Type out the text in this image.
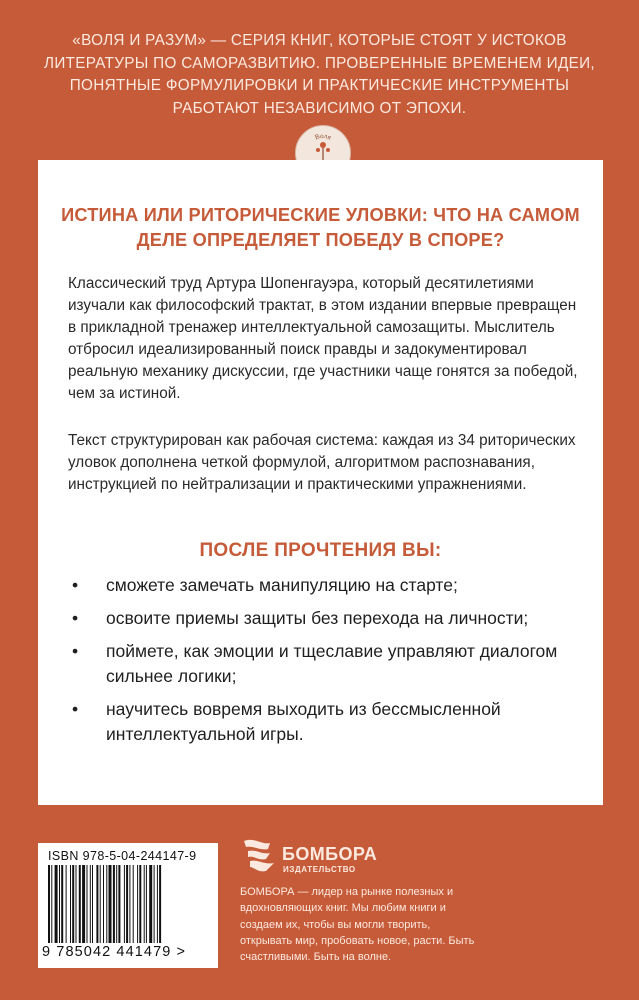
«ВОЛЯ И РАЗУМ» — СЕРИЯ КНИГ, КОТОРЫЕ СТОЯТ У ИСТОКОВ ЛИТЕРАТУРЫ ПО САМОРАЗВИТИЮ. ПРОВЕРЕННЫЕ ВРЕМЕНЕМ ИДЕИ, ПОНЯТНЫЕ ФОРМУЛИРОВКИ И ПРАКТИЧЕСКИЕ ИНСТРУМЕНТЫ РАБОТАЮТ НЕЗАВИСИМО ОТ ЭПОХИ.
Воля
ИСТИНА ИЛИ РИТОРИЧЕСКИЕ УЛОВКИ: ЧТО НА САМОМ ДЕЛЕ ОПРЕДЕЛЯЕТ ПОБЕДУ В СПОРЕ?
Классический труд Артура Шопенгауэра, который десятилетиями изучали как философский трактат, в этом издании впервые превращен в прикладной тренажер интеллектуальной самозащиты. Мыслитель отбросил идеализированный поиск правды и задокументировал реальную механику дискуссии, где участники чаще гонятся за победой, чем за истиной.
Текст структурирован как рабочая система: каждая из 34 риторических уловок дополнена четкой формулой, алгоритмом распознавания, инструкцией по нейтрализации и практическими упражнениями.
ПОСЛЕ ПРОЧТЕНИЯ ВЫ:
• сможете замечать манипуляцию на старте;
• освоите приемы защиты без перехода на личности;
• поймете, как эмоции и тщеславие управляют диалогом сильнее логики;
• научитесь вовремя выходить из бессмысленной интеллектуальной игры.
ISBN 978-5-04-244147-9
9 785042 441479 >
БОМБОРА
ИЗДАТЕЛЬСТВО
БОМБОРА — лидер на рынке полезных и вдохновляющих книг. Мы любим книги и создаем их, чтобы вы могли творить, открывать мир, пробовать новое, расти. Быть счастливыми. Быть на волне.
